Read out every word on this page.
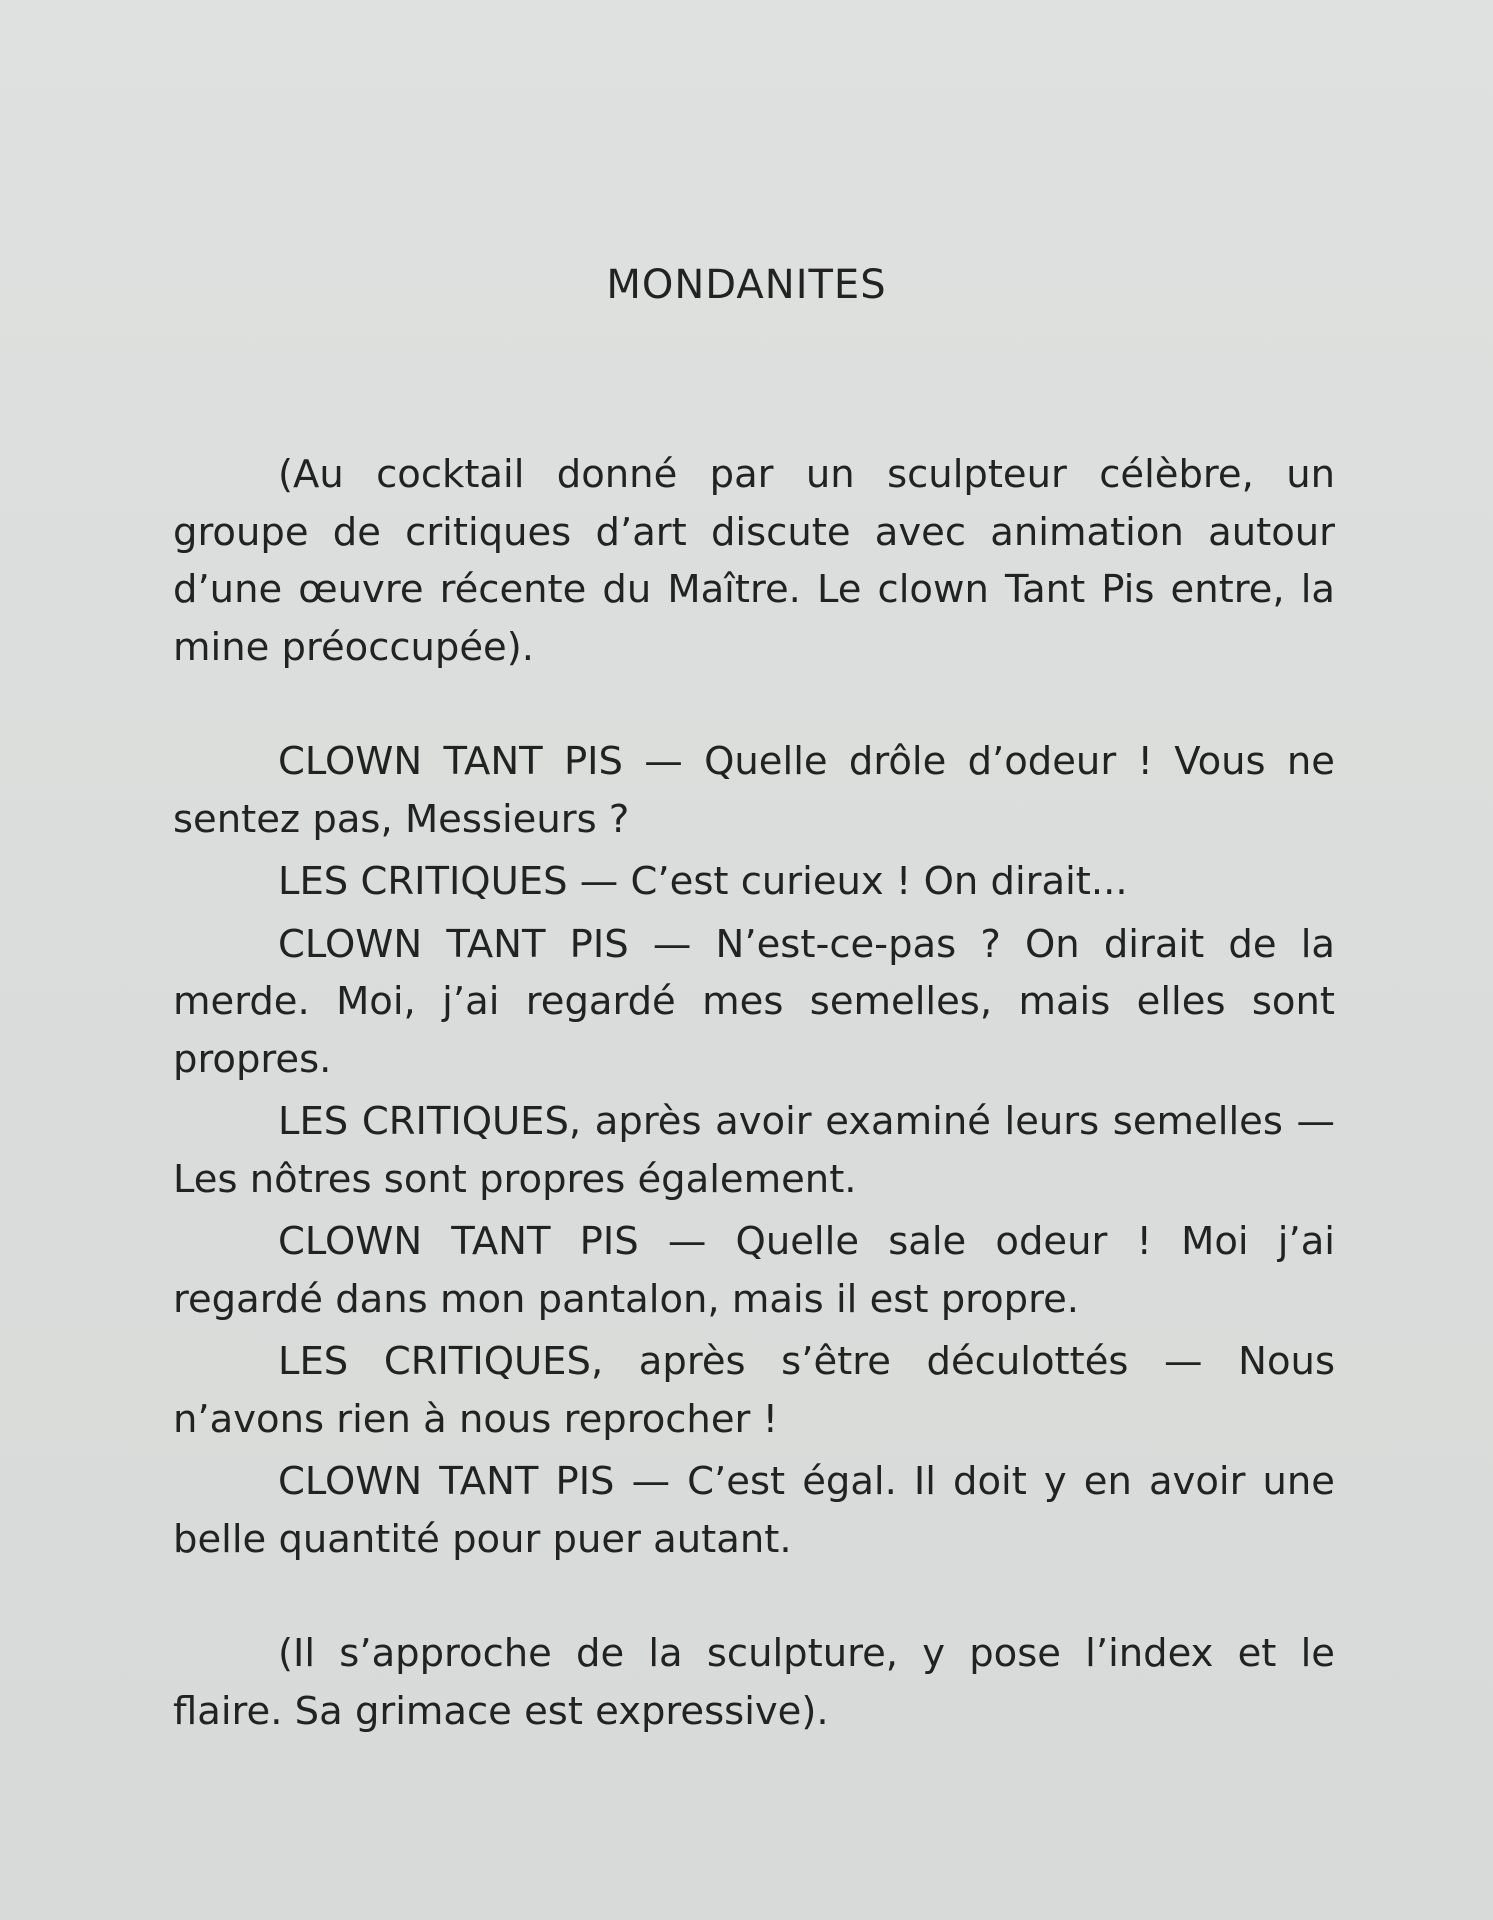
MONDANITES

(Au cocktail donné par un sculpteur célèbre, un groupe de critiques d’art discute avec animation autour d’une œuvre récente du Maître. Le clown Tant Pis entre, la mine préoccupée).

CLOWN TANT PIS — Quelle drôle d’odeur ! Vous ne sentez pas, Messieurs ?

LES CRITIQUES — C’est curieux ! On dirait...

CLOWN TANT PIS — N’est-ce-pas ? On dirait de la merde. Moi, j’ai regardé mes semelles, mais elles sont propres.

LES CRITIQUES, après avoir examiné leurs semelles — Les nôtres sont propres également.

CLOWN TANT PIS — Quelle sale odeur ! Moi j’ai regardé dans mon pantalon, mais il est propre.

LES CRITIQUES, après s’être déculottés — Nous n’avons rien à nous reprocher !

CLOWN TANT PIS — C’est égal. Il doit y en avoir une belle quantité pour puer autant.

(Il s’approche de la sculpture, y pose l’index et le flaire. Sa grimace est expressive).
